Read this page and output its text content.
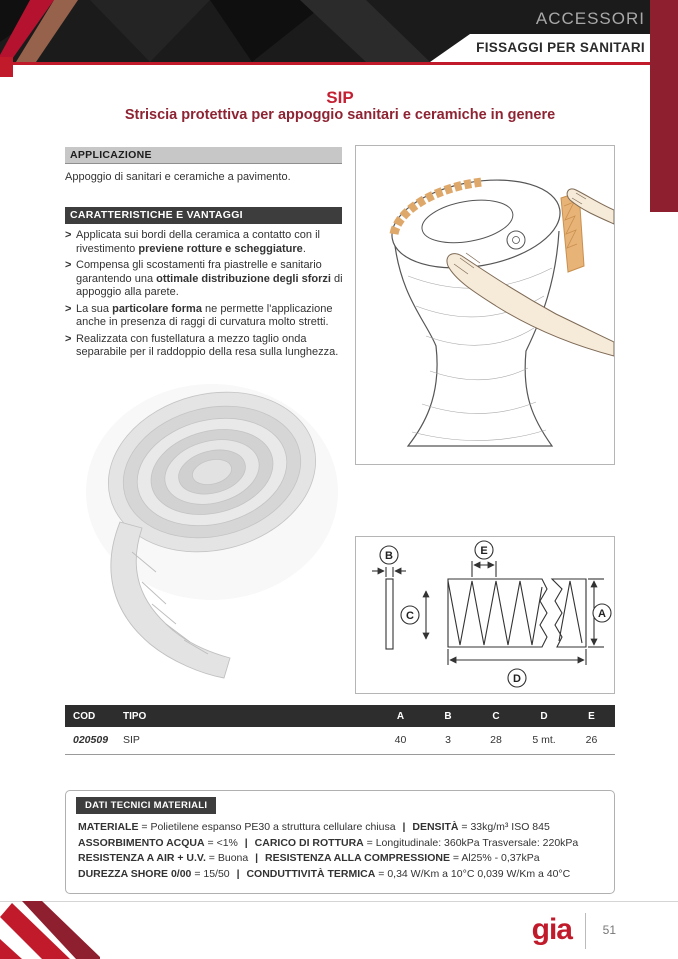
ACCESSORI
FISSAGGI PER SANITARI
SIP
Striscia protettiva per appoggio sanitari e ceramiche in genere
APPLICAZIONE
Appoggio di sanitari e ceramiche a pavimento.
CARATTERISTICHE E VANTAGGI
> Applicata sui bordi della ceramica a contatto con il rivestimento previene rotture e scheggiature.
> Compensa gli scostamenti fra piastrelle e sanitario garantendo una ottimale distribuzione degli sforzi di appoggio alla parete.
> La sua particolare forma ne permette l'applicazione anche in presenza di raggi di curvatura molto stretti.
> Realizzata con fustellatura a mezzo taglio onda separabile per il raddoppio della resa sulla lunghezza.
B
C
E
A
D
COD	TIPO	A	B	C	D	E
020509	SIP	40	3	28	5 mt.	26
DATI TECNICI MATERIALI
MATERIALE = Polietilene espanso PE30 a struttura cellulare chiusa | DENSITÀ = 33kg/m³ ISO 845
ASSORBIMENTO ACQUA = <1% | CARICO DI ROTTURA = Longitudinale: 360kPa Trasversale: 220kPa
RESISTENZA A AIR + U.V. = Buona | RESISTENZA ALLA COMPRESSIONE = Al25% - 0,37kPa
DUREZZA SHORE 0/00 = 15/50 | CONDUTTIVITÀ TERMICA = 0,34 W/Km a 10°C 0,039 W/Km a 40°C
gia	51
